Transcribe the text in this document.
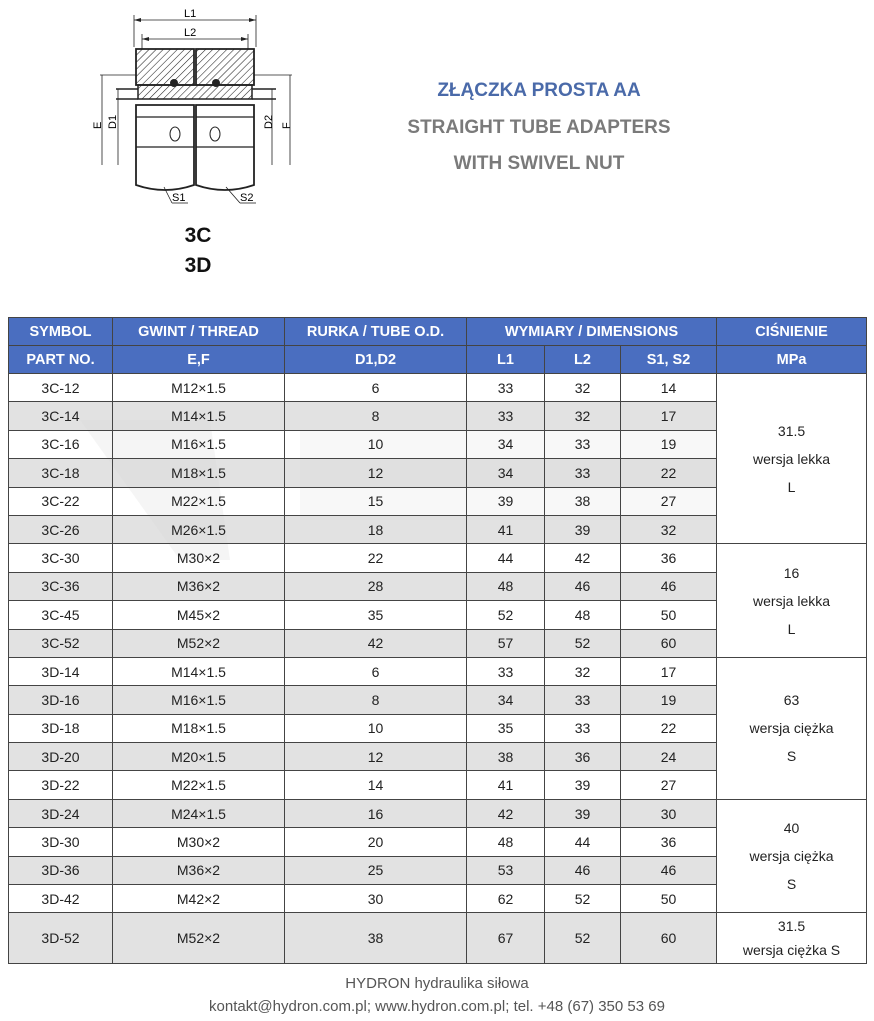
L1
L2
E D1	D2 F
S1	S2
3C
3D
ZŁĄCZKA PROSTA AA
STRAIGHT TUBE ADAPTERS
WITH SWIVEL NUT
SYMBOL	GWINT / THREAD	RURKA / TUBE O.D.	WYMIARY / DIMENSIONS			CIŚNIENIE
PART NO.	E,F	D1,D2	L1	L2	S1, S2	MPa
3C-12	M12×1.5	6	33	32	14	31.5
wersja lekka
L

3C-14	M14×1.5	8	33	32	17	
3C-16	M16×1.5	10	34	33	19	
3C-18	M18×1.5	12	34	33	22	
3C-22	M22×1.5	15	39	38	27	
3C-26	M26×1.5	18	41	39	32	
3C-30	M30×2	22	44	42	36	16
wersja lekka
L

3C-36	M36×2	28	48	46	46	
3C-45	M45×2	35	52	48	50	
3C-52	M52×2	42	57	52	60	
3D-14	M14×1.5	6	33	32	17	63
wersja ciężka
S

3D-16	M16×1.5	8	34	33	19	
3D-18	M18×1.5	10	35	33	22	
3D-20	M20×1.5	12	38	36	24	
3D-22	M22×1.5	14	41	39	27	
3D-24	M24×1.5	16	42	39	30	40
wersja ciężka
S

3D-30	M30×2	20	48	44	36	
3D-36	M36×2	25	53	46	46	
3D-42	M42×2	30	62	52	50	
3D-52	M52×2	38	67	52	60	31.5
wersja ciężka S
HYDRON hydraulika siłowa
kontakt@hydron.com.pl; www.hydron.com.pl; tel. +48 (67) 350 53 69
